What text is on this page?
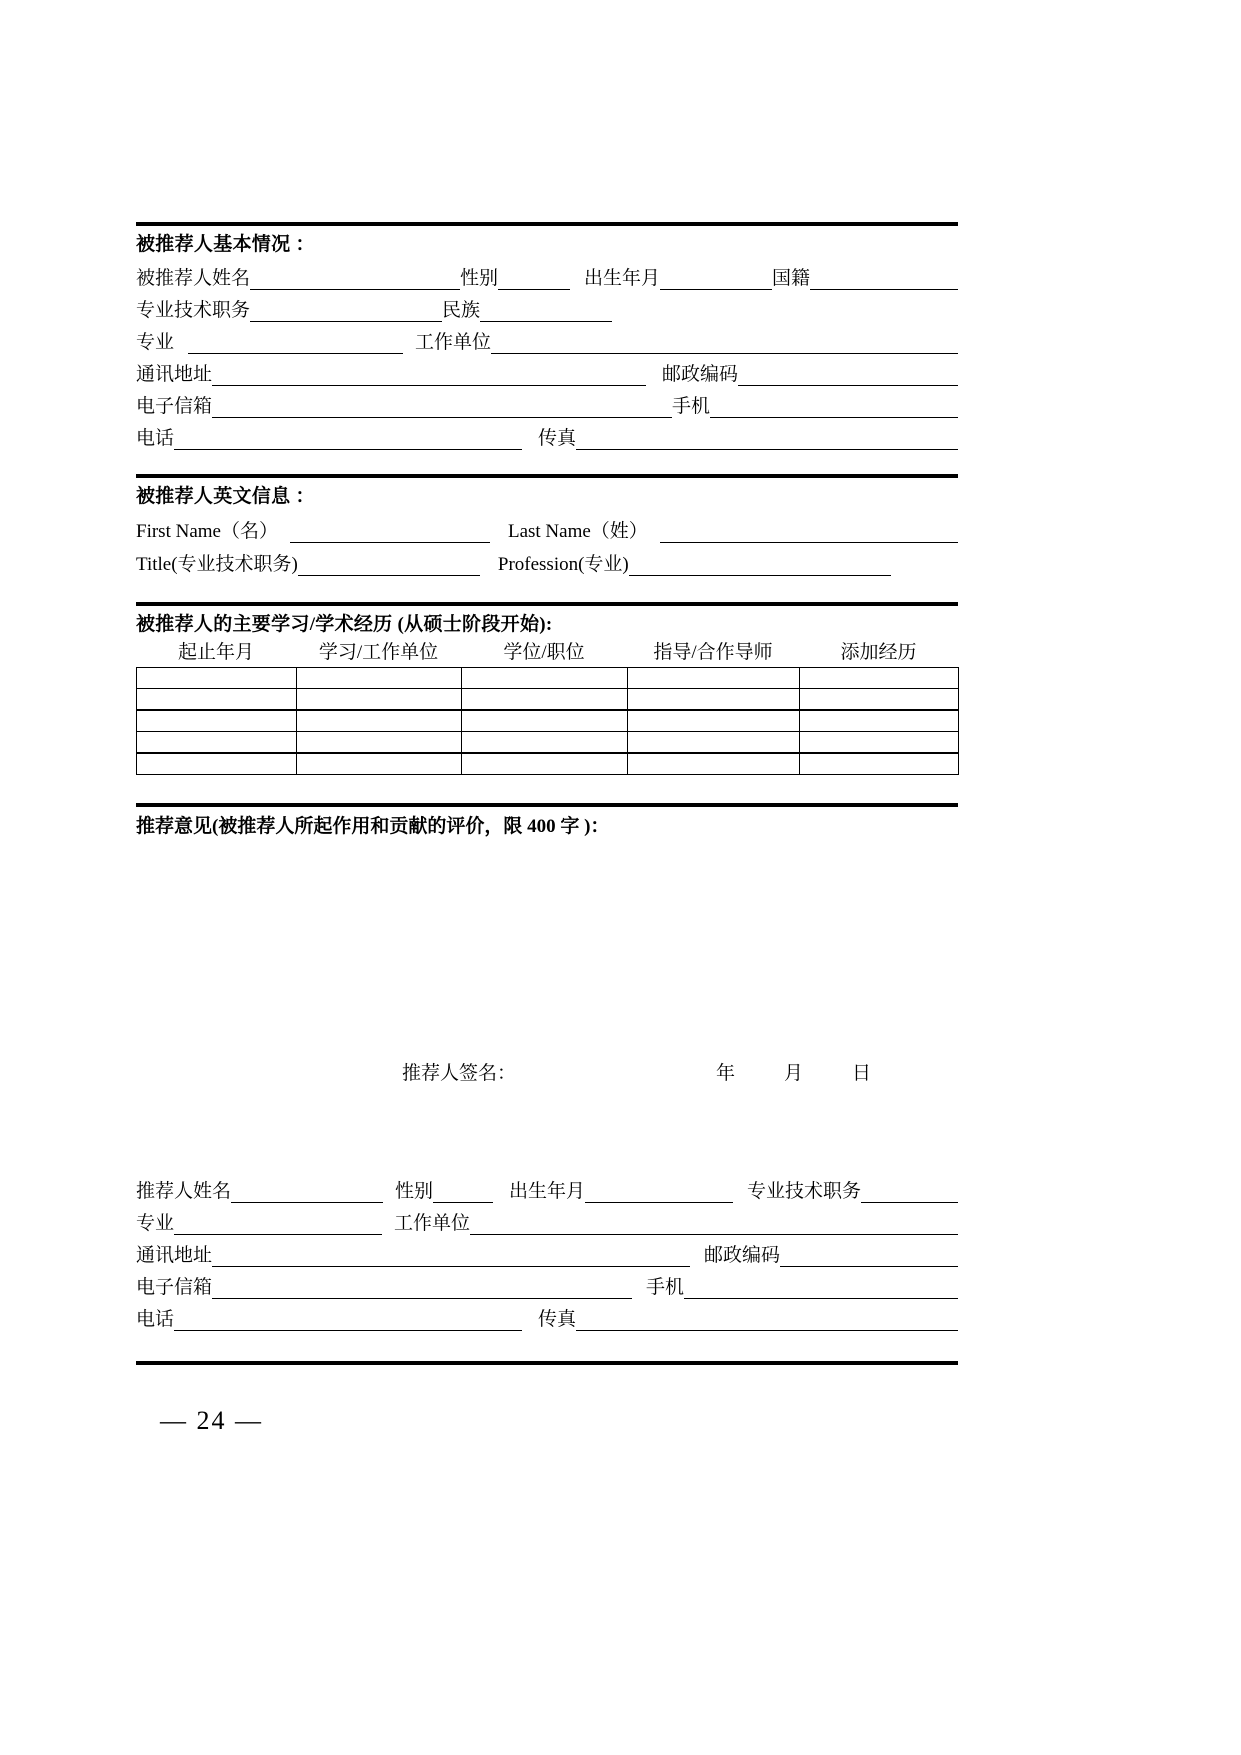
被推荐人基本情况 ：
被推荐人姓名	性别	出生年月	国籍
专业技术职务	民族
专业	工作单位
通讯地址	邮政编码
电子信箱	手机
电话	传真
被推荐人英文信息 ：
First Name（名）	Last Name（姓）
Title(专业技术职务)	Profession(专业)
被推荐人的主要学习/学术经历 (从硕士阶段开始):
起止年月	学习/工作单位	学位/职位	指导/合作导师	添加经历

推荐意见(被推荐人所起作用和贡献的评价，限 400 字 )：
推荐人签名：	年	月	日
推荐人姓名	性别	出生年月	专业技术职务
专业	工作单位
通讯地址	邮政编码
电子信箱	手机
电话	传真
— 24 —
